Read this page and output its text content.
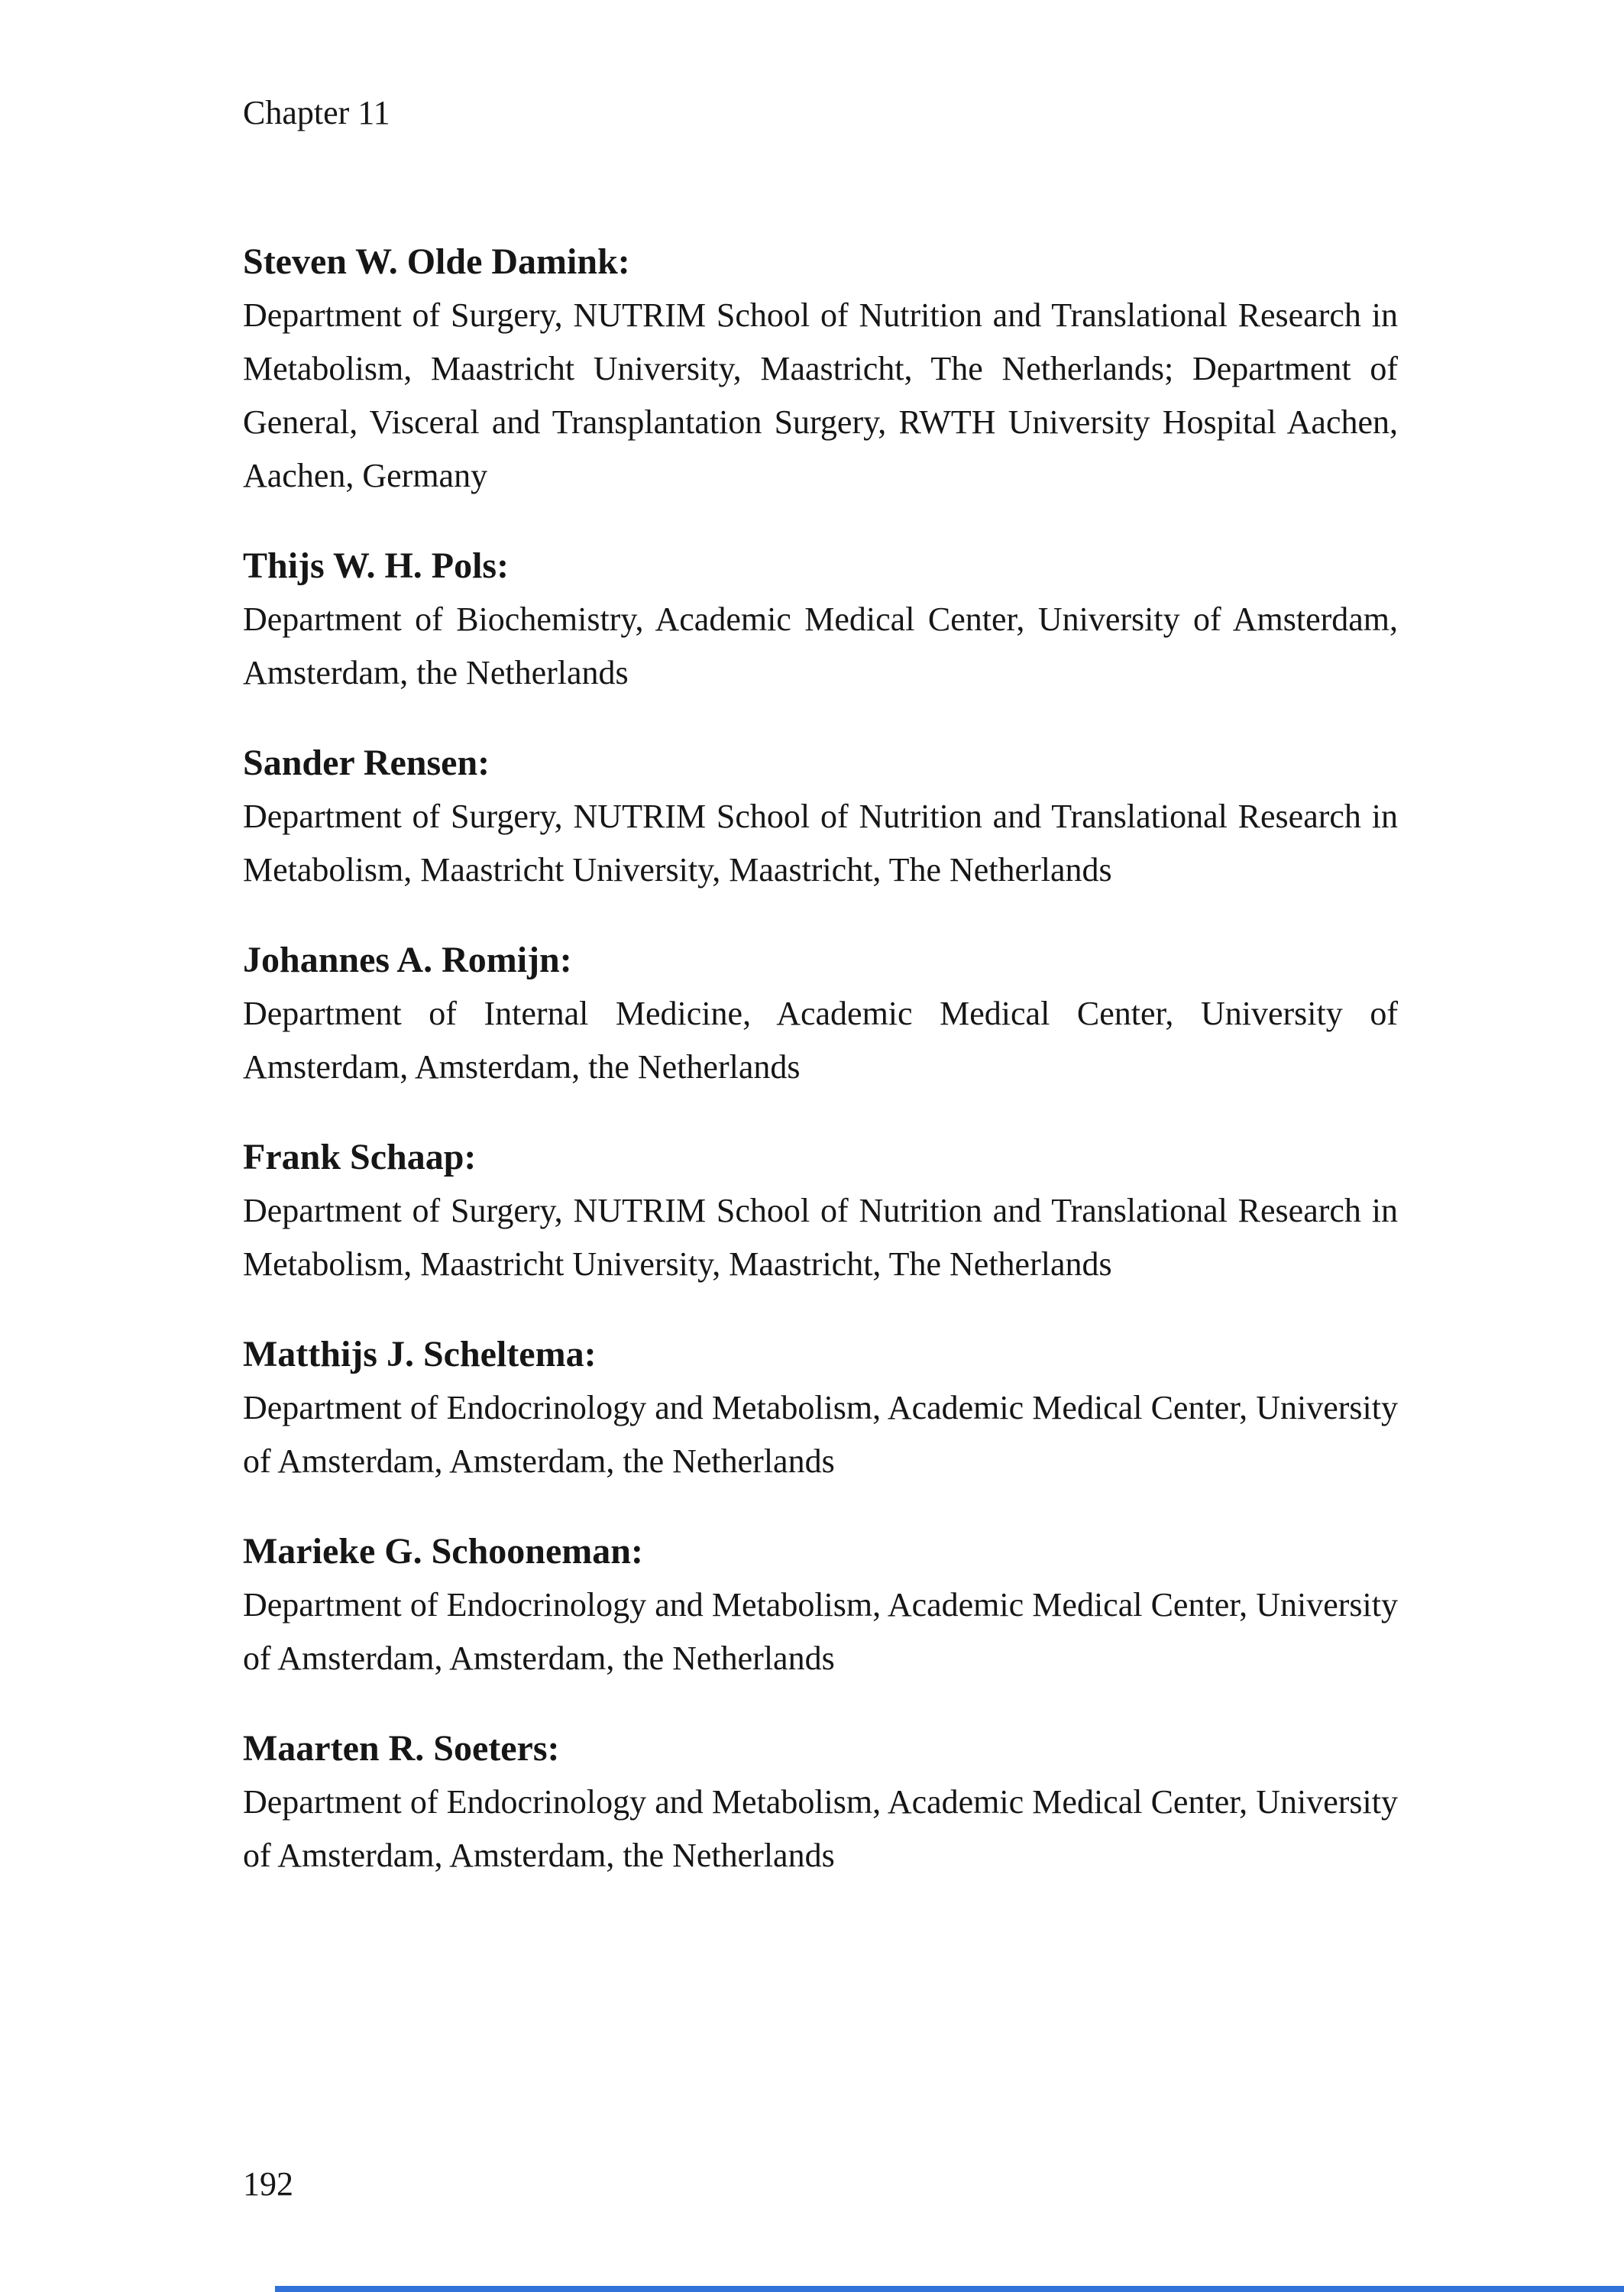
Chapter 11

Steven W. Olde Damink:

Department of Surgery, NUTRIM School of Nutrition and Translational Research in Metabolism, Maastricht University, Maastricht, The Netherlands; Department of General, Visceral and Transplantation Surgery, RWTH University Hospital Aachen, Aachen, Germany

Thijs W. H. Pols:

Department of Biochemistry, Academic Medical Center, University of Amsterdam, Amsterdam, the Netherlands

Sander Rensen:

Department of Surgery, NUTRIM School of Nutrition and Translational Research in Metabolism, Maastricht University, Maastricht, The Netherlands

Johannes A. Romijn:

Department of Internal Medicine, Academic Medical Center, University of Amsterdam, Amsterdam, the Netherlands

Frank Schaap:

Department of Surgery, NUTRIM School of Nutrition and Translational Research in Metabolism, Maastricht University, Maastricht, The Netherlands

Matthijs J. Scheltema:

Department of Endocrinology and Metabolism, Academic Medical Center, University of Amsterdam, Amsterdam, the Netherlands

Marieke G. Schooneman:

Department of Endocrinology and Metabolism, Academic Medical Center, University of Amsterdam, Amsterdam, the Netherlands

Maarten R. Soeters:

Department of Endocrinology and Metabolism, Academic Medical Center, University of Amsterdam, Amsterdam, the Netherlands

192
